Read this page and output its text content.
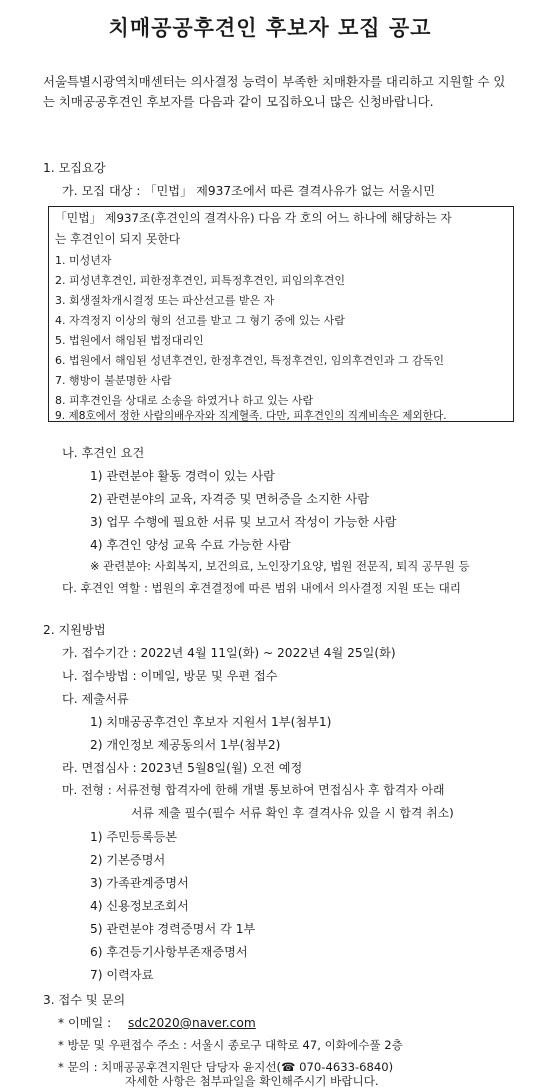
치매공공후견인 후보자 모집 공고
서울특별시광역치매센터는 의사결정 능력이 부족한 치매환자를 대리하고 지원할 수 있는 치매공공후견인 후보자를 다음과 같이 모집하오니 많은 신청바랍니다.
1. 모집요강
가. 모집 대상 : 「민법」 제937조에서 따른 결격사유가 없는 서울시민
「민법」 제937조(후견인의 결격사유) 다음 각 호의 어느 하나에 해당하는 자
는 후견인이 되지 못한다
1. 미성년자
2. 피성년후견인, 피한정후견인, 피특정후견인, 피임의후견인
3. 회생절차개시결정 또는 파산선고를 받은 자
4. 자격정지 이상의 형의 선고를 받고 그 형기 중에 있는 사람
5. 법원에서 해임된 법정대리인
6. 법원에서 해임된 성년후견인, 한정후견인, 특정후견인, 임의후견인과 그 감독인
7. 행방이 불분명한 사람
8. 피후견인을 상대로 소송을 하였거나 하고 있는 사람
9. 제8호에서 정한 사람의배우자와 직계혈족. 다만, 피후견인의 직계비속은 제외한다.
나. 후견인 요건
1) 관련분야 활동 경력이 있는 사람
2) 관련분야의 교육, 자격증 및 면허증을 소지한 사람
3) 업무 수행에 필요한 서류 및 보고서 작성이 가능한 사람
4) 후견인 양성 교육 수료 가능한 사람
※ 관련분야: 사회복지, 보건의료, 노인장기요양, 법원 전문직, 퇴직 공무원 등
다. 후견인 역할 : 법원의 후견결정에 따른 범위 내에서 의사결정 지원 또는 대리
2. 지원방법
가. 접수기간 : 2022년 4월 11일(화) ~ 2022년 4월 25일(화)
나. 접수방법 : 이메일, 방문 및 우편 접수
다. 제출서류
1) 치매공공후견인 후보자 지원서 1부(첨부1)
2) 개인정보 제공동의서 1부(첨부2)
라. 면접심사 : 2023년 5월8일(월) 오전 예정
마. 전형 : 서류전형 합격자에 한해 개별 통보하여 면접심사 후 합격자 아래
서류 제출 필수(필수 서류 확인 후 결격사유 있을 시 합격 취소)
1) 주민등록등본
2) 기본증명서
3) 가족관계증명서
4) 신용정보조회서
5) 관련분야 경력증명서 각 1부
6) 후견등기사항부존재증명서
7) 이력자료
3. 접수 및 문의
* 이메일 : sdc2020@naver.com
* 방문 및 우편접수 주소 : 서울시 종로구 대학로 47, 이화에수풀 2층
* 문의 : 치매공공후견지원단 담당자 윤지선(☎ 070-4633-6840)
자세한 사항은 첨부파일을 확인해주시기 바랍니다.
